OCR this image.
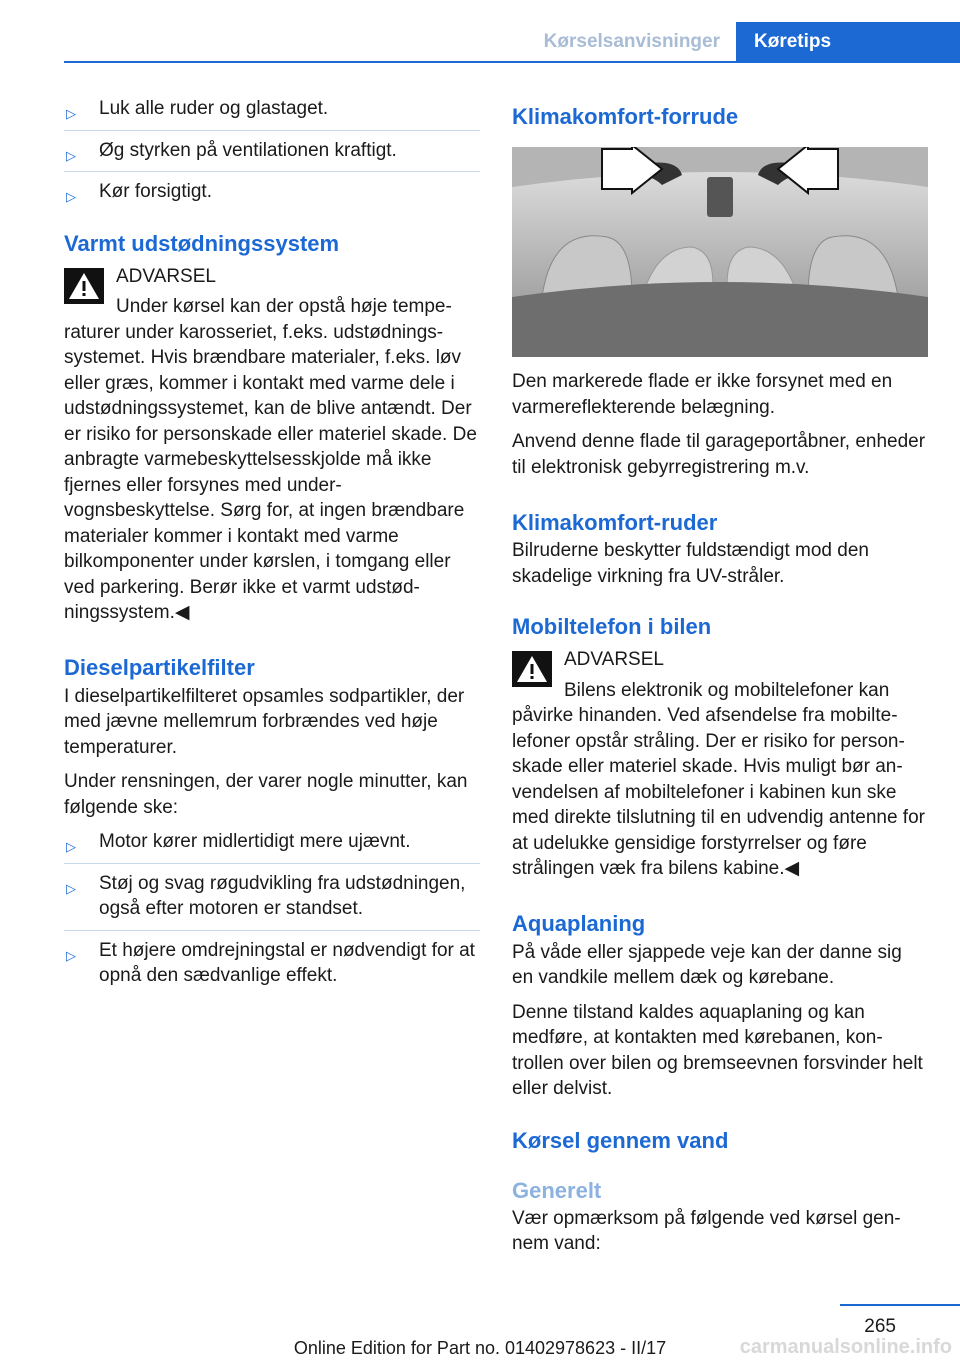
Kørselsanvisninger	Køretips
▷ Luk alle ruder og glastaget.
▷ Øg styrken på ventilationen kraftigt.
▷ Kør forsigtigt.
Varmt udstødningssystem
ADVARSEL
Under kørsel kan der opstå høje tempe-
raturer under karosseriet, f.eks. udstødningssystemet. Hvis brændbare materialer, f.eks. løv eller græs, kommer i kontakt med varme dele i udstødningssystemet, kan de blive antændt. Der er risiko for personskade eller materiel skade. De anbragte varmebeskyttelsesskjolde må ikke fjernes eller forsynes med undervognsbeskyttelse. Sørg for, at ingen brændbare materialer kommer i kontakt med varme bilkomponenter under kørslen, i tomgang eller ved parkering. Berør ikke et varmt udstødningssystem.◀
Dieselpartikelfilter
I dieselpartikelfilteret opsamles sodpartikler, der med jævne mellemrum forbrændes ved høje temperaturer.
Under rensningen, der varer nogle minutter, kan følgende ske:
▷ Motor kører midlertidigt mere ujævnt.
▷ Støj og svag røgudvikling fra udstødningen, også efter motoren er standset.
▷ Et højere omdrejningstal er nødvendigt for at opnå den sædvanlige effekt.
Klimakomfort-forrude
Den markerede flade er ikke forsynet med en varmereflekterende belægning.
Anvend denne flade til garageportåbner, enheder til elektronisk gebyrregistrering m.v.
Klimakomfort-ruder
Bilruderne beskytter fuldstændigt mod den skadelige virkning fra UV-stråler.
Mobiltelefon i bilen
ADVARSEL
Bilens elektronik og mobiltelefoner kan
påvirke hinanden. Ved afsendelse fra mobiltelefoner opstår stråling. Der er risiko for personskade eller materiel skade. Hvis muligt bør anvendelsen af mobiltelefoner i kabinen kun ske med direkte tilslutning til en udvendig antenne for at udelukke gensidige forstyrrelser og føre strålingen væk fra bilens kabine.◀
Aquaplaning
På våde eller sjappede veje kan der danne sig en vandkile mellem dæk og kørebane.
Denne tilstand kaldes aquaplaning og kan medføre, at kontakten med kørebanen, kontrollen over bilen og bremseevnen forsvinder helt eller delvist.
Kørsel gennem vand
Generelt
Vær opmærksom på følgende ved kørsel gennem vand:
265
Online Edition for Part no. 01402978623 - II/17	carmanualsonline.info
